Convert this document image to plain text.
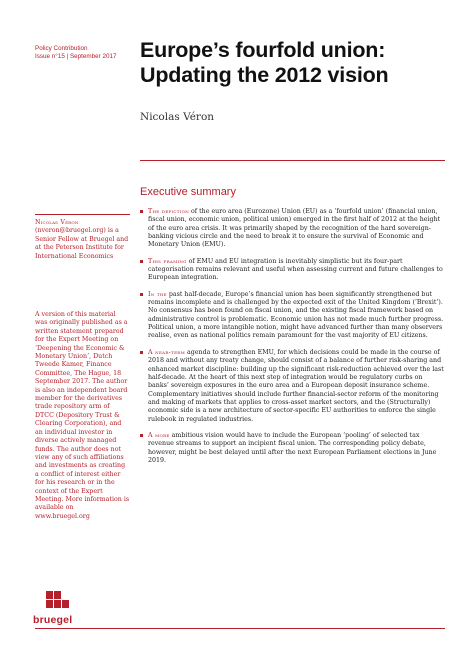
Policy Contribution
Issue n°15 | September 2017	Europe’s fourfold union:
Updating the 2012 vision
Nicolas Véron
Executive summary
Nicolas Véron (nveron@bruegel.org) is a Senior Fellow at Bruegel and at the Peterson Institute for International Economics
A version of this material was originally published as a written statement prepared for the Expert Meeting on ‘Deepening the Economic & Monetary Union’, Dutch Tweede Kamer, Finance Committee, The Hague, 18 September 2017. The author is also an independent board member for the derivatives trade repository arm of DTCC (Depository Trust & Clearing Corporation), and an individual investor in diverse actively managed funds. The author does not view any of such affiliations and investments as creating a conflict of interest either for his research or in the context of the Expert Meeting. More information is available on www.bruegel.org
The depiction of the euro area (Eurozone) Union (EU) as a ‘fourfold union’ (financial union, fiscal union, economic union, political union) emerged in the first half of 2012 at the height of the euro area crisis. It was primarily shaped by the recognition of the hard sovereign-banking vicious circle and the need to break it to ensure the survival of Economic and Monetary Union (EMU).
This framing of EMU and EU integration is inevitably simplistic but its four-part categorisation remains relevant and useful when assessing current and future challenges to European integration.
In the past half-decade, Europe’s financial union has been significantly strengthened but remains incomplete and is challenged by the expected exit of the United Kingdom (‘Brexit’). No consensus has been found on fiscal union, and the existing fiscal framework based on administrative control is problematic. Economic union has not made much further progress. Political union, a more intangible notion, might have advanced further than many observers realise, even as national politics remain paramount for the vast majority of EU citizens.
A near-term agenda to strengthen EMU, for which decisions could be made in the course of 2018 and without any treaty change, should consist of a balance of further risk-sharing and enhanced market discipline: building up the significant risk-reduction achieved over the last half-decade. At the heart of this next step of integration would be regulatory curbs on banks’ sovereign exposures in the euro area and a European deposit insurance scheme. Complementary initiatives should include further financial-sector reform of the monitoring and making of markets that applies to cross-asset market sectors, and the (Structurally) economic side is a new architecture of sector-specific EU authorities to enforce the single rulebook in regulated industries.
A more ambitious vision would have to include the European ‘pooling’ of selected tax revenue streams to support an incipient fiscal union. The corresponding policy debate, however, might be best delayed until after the next European Parliament elections in June 2019.
bruegel
